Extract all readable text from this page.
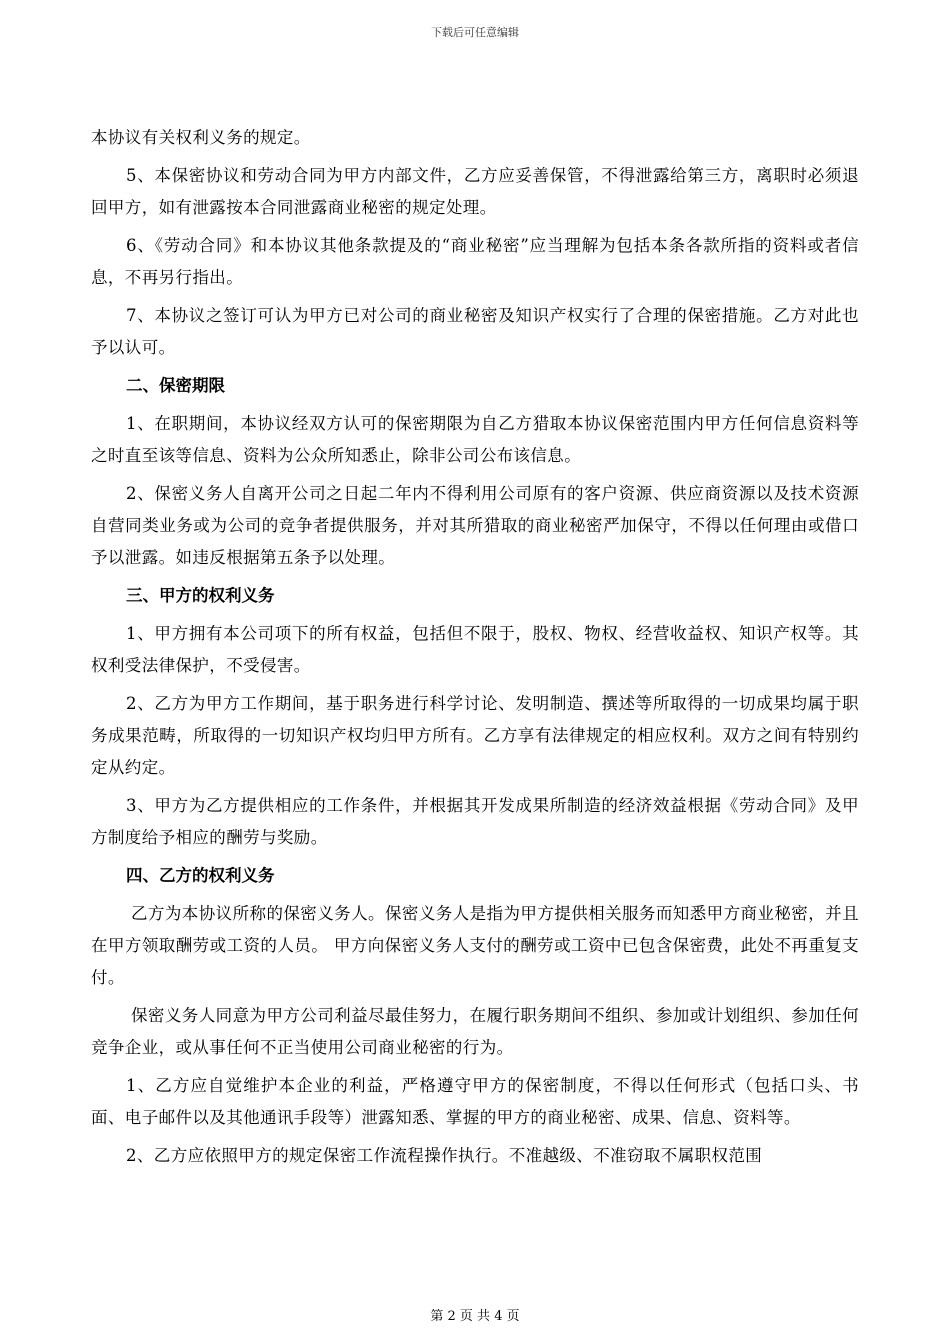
下载后可任意编辑

本协议有关权利义务的规定。

5、本保密协议和劳动合同为甲方内部文件，乙方应妥善保管，不得泄露给第三方，离职时必须退回甲方，如有泄露按本合同泄露商业秘密的规定处理。

6、《劳动合同》和本协议其他条款提及的“商业秘密”应当理解为包括本条各款所指的资料或者信息，不再另行指出。

7、本协议之签订可认为甲方已对公司的商业秘密及知识产权实行了合理的保密措施。乙方对此也予以认可。

二、保密期限

1、在职期间，本协议经双方认可的保密期限为自乙方猎取本协议保密范围内甲方任何信息资料等之时直至该等信息、资料为公众所知悉止，除非公司公布该信息。

2、保密义务人自离开公司之日起二年内不得利用公司原有的客户资源、供应商资源以及技术资源自营同类业务或为公司的竞争者提供服务，并对其所猎取的商业秘密严加保守，不得以任何理由或借口予以泄露。如违反根据第五条予以处理。

三、甲方的权利义务

1、甲方拥有本公司项下的所有权益，包括但不限于，股权、物权、经营收益权、知识产权等。其权利受法律保护，不受侵害。

2、乙方为甲方工作期间，基于职务进行科学讨论、发明制造、撰述等所取得的一切成果均属于职务成果范畴，所取得的一切知识产权均归甲方所有。乙方享有法律规定的相应权利。双方之间有特别约定从约定。

3、甲方为乙方提供相应的工作条件，并根据其开发成果所制造的经济效益根据《劳动合同》及甲方制度给予相应的酬劳与奖励。

四、乙方的权利义务

乙方为本协议所称的保密义务人。保密义务人是指为甲方提供相关服务而知悉甲方商业秘密，并且在甲方领取酬劳或工资的人员。 甲方向保密义务人支付的酬劳或工资中已包含保密费，此处不再重复支付。

保密义务人同意为甲方公司利益尽最佳努力，在履行职务期间不组织、参加或计划组织、参加任何竞争企业，或从事任何不正当使用公司商业秘密的行为。

1、乙方应自觉维护本企业的利益，严格遵守甲方的保密制度，不得以任何形式（包括口头、书面、电子邮件以及其他通讯手段等）泄露知悉、掌握的甲方的商业秘密、成果、信息、资料等。

2、乙方应依照甲方的规定保密工作流程操作执行。不准越级、不准窃取不属职权范围

第 2 页 共 4 页
